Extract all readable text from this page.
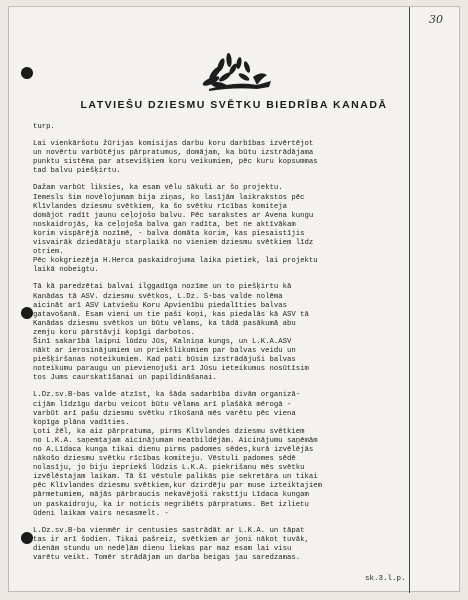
30
LATVIEŠU DZIESMU SVĒTKU BIEDRĪBA KANADĀ
turp.

Lai vienkāršotu žūrijas komisijas darbu koru darbības izvērtējot
un novērtu varbūtējus pārpratumus, domājam, ka būtu izstrādājama
punktu sistēma par atsevišķiem koru veikumiem, pēc kuru kopsummas
tad balvu piešķirtu.

Dažam varbūt liksies, ka esam vēlu sākuši ar šo projektu.
Iemesls šim novēlojumam bija ziņas, ko lasījām laikrakstos pēc
Klīvlandes dziesmu svētkiem, ka šo svētku rīcības komiteja
domājot radīt jaunu ceļojošo balvu. Pēc sarakstes ar Avena kungu
noskaidrojās, ka ceļojoša balva gan radīta, bet ne aktīvākam
korim vispārējā nozīmē, - balva domāta korim, kas piesaistījis
visvairāk dziedātāju starplaikā no vieniem dziesmu svētkiem līdz
otriem.
Pēc kokgriezēja H.Herca paskaidrojuma laika pietiek, lai projektu
laikā nobeigtu.

Tā kā paredzētai balvai ilggadīga nozīme un to piešķirtu kā
Kanādas tā ASV. dziesmu svētkos, L.Dz. S-bas valde nolēma
aicināt arī ASV Latviešu Koru Apvienību piedalīties balvas
gatavošanā. Esam vieni un tie paši koņi, kas piedalās kā ASV tā
Kanādas dziesmu svētkos un būtu vēlams, ka tādā pasākumā abu
zemju koru pārstāvji kopīgi darbotos.
Šinī sakarībā laipni lūdzu Jūs, Kalniņa kungs, un L.K.A.ASV
nākt ar ierosinājumiem un priekšlikumiem par balvas veidu un
piešķiršanas noteikumiem. Kad pati būsim izstrādājuši balvas
noteikumu paraugu un pievienojuši arī Jūsu ieteikumus nosūtīsim
tos Jums caurskatīšanai un papildināšanai.

L.Dz.sv.B-bas valde atzīst, ka šāda sadarbība divām organizā-
cijām līdzīgu darbu veicot būtu vēlama arī plašākā mērogā -
varbūt arī pašu dziesmu svētku rīkošanā mēs varētu pēc viena
kopīga plāna vadīties.
Ļoti žēl, ka aiz pārpratuma, pirms Klīvlandes dziesmu svētkiem
no L.K.A. saņemtajam aicinājumam neatbildējām. Aicinājumu saņēmām
no A.Līdaca kunga tikai dienu pirms padomes sēdes,kurā izvēlējās
nākošo dziesmu svētku rīcības komiteju. Vēstuli padomes sēdē
nolasīju, jo biju iepriekš lūdzis L.K.A. piekrišanu mēs svētku
izvēlēstajam laikam. Tā šī vēstule palikās pie sekretāra un tikai
pēc Klīvlandes dziesmu svētkiem,kur dzirdēju par muse izteiktajiem
pārmetumiem, mājās pārbraucis nekavējoši rakstīju Līdaca kungam
un paskaidroju, ka ir noticis negribēts pārpratums. Bet izlietu
ūdeni laikam vairs nesasmelt. -

L.Dz.sv.B-ba vienmēr ir centusies sastrādāt ar L.K.A. un tāpat
tas ir arī šodien. Tikai pašreiz, svētkiem ar joni nākot tuvāk,
dienām stundu un nedēļām dienu liekas par maz esam lai visu
varētu veikt. Tomēr strādājam un darba beigas jau saredzamas.

sk.3.l.p.
